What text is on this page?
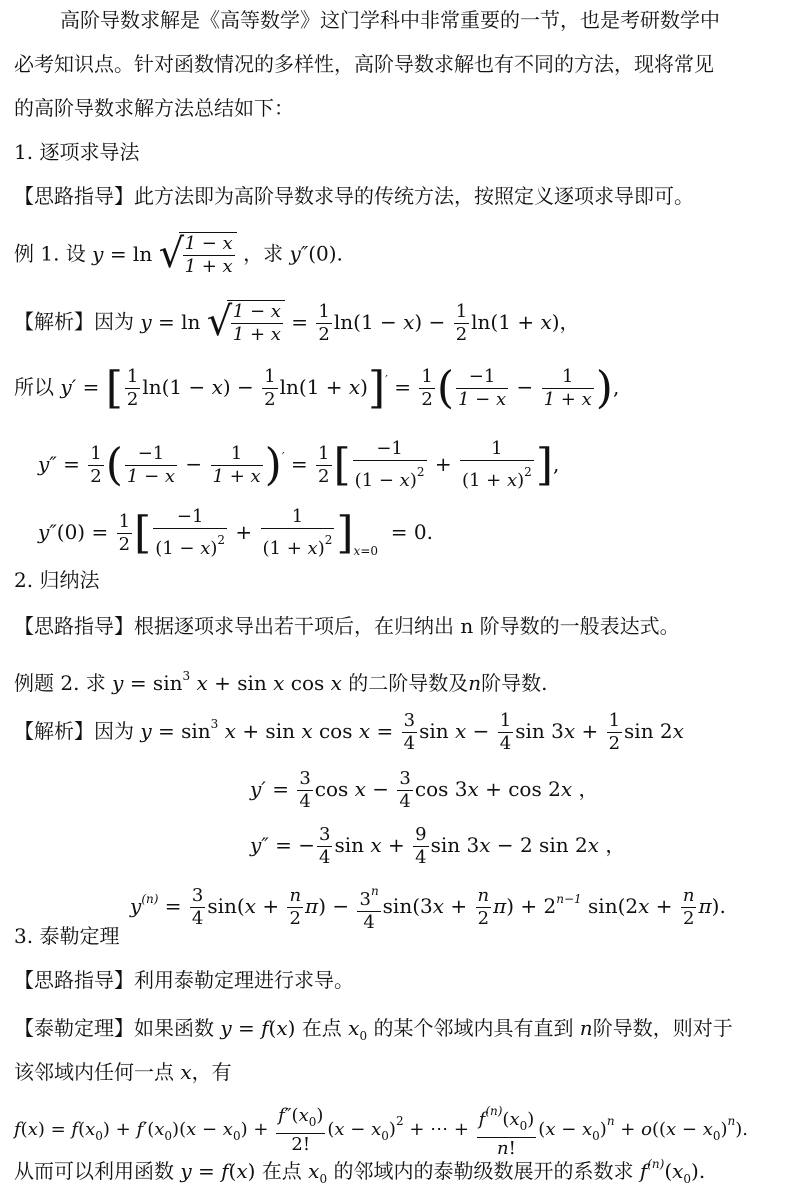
高阶导数求解是《高等数学》这门学科中非常重要的一节，也是考研数学中
必考知识点。针对函数情况的多样性，高阶导数求解也有不同的方法，现将常见
的高阶导数求解方法总结如下：
1. 逐项求导法
【思路指导】此方法即为高阶导数求导的传统方法，按照定义逐项求导即可。
例 1. 设 y = ln √
$\frac{1 - x}{1 + x}$ ，求 y″(0).
【解析】因为 y = ln √
$\frac{1 - x}{1 + x} = \frac{1}{2} \ln(1 - x) - \frac{1}{2} \ln(1 + x)$，
所以 y′ = [ $\frac{1}{2} \ln(1 - x) - \frac{1}{2} \ln(1 + x)]' = \frac{1}{2}$ ( $\frac{-1}{1 - x} - \frac{1}{1 + x}$ ),
$y'' = \frac{1}{2}$ ( $\frac{-1}{1 - x} - \frac{1}{1 + x} )' = \frac{1}{2}$ [ $\frac{-1}{(1 - x)^2} + \frac{1}{(1 + x)^2}$ ],
$y''(0) = \frac{1}{2}$ [ $\frac{-1}{(1 - x)^2} + \frac{1}{(1 + x)^2} ]_{x=0} = 0$.
2. 归纳法
【思路指导】根据逐项求导出若干项后，在归纳出 n 阶导数的一般表达式。
例题 2. 求 $y = \sin^3 x + \sin x$ cos x 的二阶导数及n阶导数.
【解析】因为 $y = \sin^3 x + \sin x$ $\cos x = \frac{3}{4}$ $\sin x - \frac{1}{4}$ $\sin 3x + \frac{1}{2}$ sin 2x
$y' = \frac{3}{4}$ $\cos x - \frac{3}{4}$ cos 3x + cos 2x ，
y″ = − $\frac{3}{4}$ $\sin x + \frac{9}{4}$ sin 3x − 2 sin 2x ，
$y^{(n)} = \frac{3}{4} \sin(x + \frac{n}{2} \pi) - \frac{3^n}{4} \sin(3x + \frac{n}{2} \pi) + 2^{n-1}$ $\sin(2x + \frac{n}{2} \pi)$.
3. 泰勒定理
【思路指导】利用泰勒定理进行求导。
【泰勒定理】如果函数 y = f(x) 在点 $x_0$ 的某个邻域内具有直到 n阶导数，则对于
该邻域内任何一点 x，有
$f(x) = f(x_0) + f'(x_0)(x - x_0) + \frac{f''(x_0)}{2!} (x - x_0)^2$ + ⋯ + $\frac{f^{(n)}(x_0)}{n!} (x - x_0)^n + o((x - x_0)^n)$.
从而可以利用函数 y = f(x) 在点 $x_0$ 的邻域内的泰勒级数展开的系数求 $f^{(n)}(x_0)$.
